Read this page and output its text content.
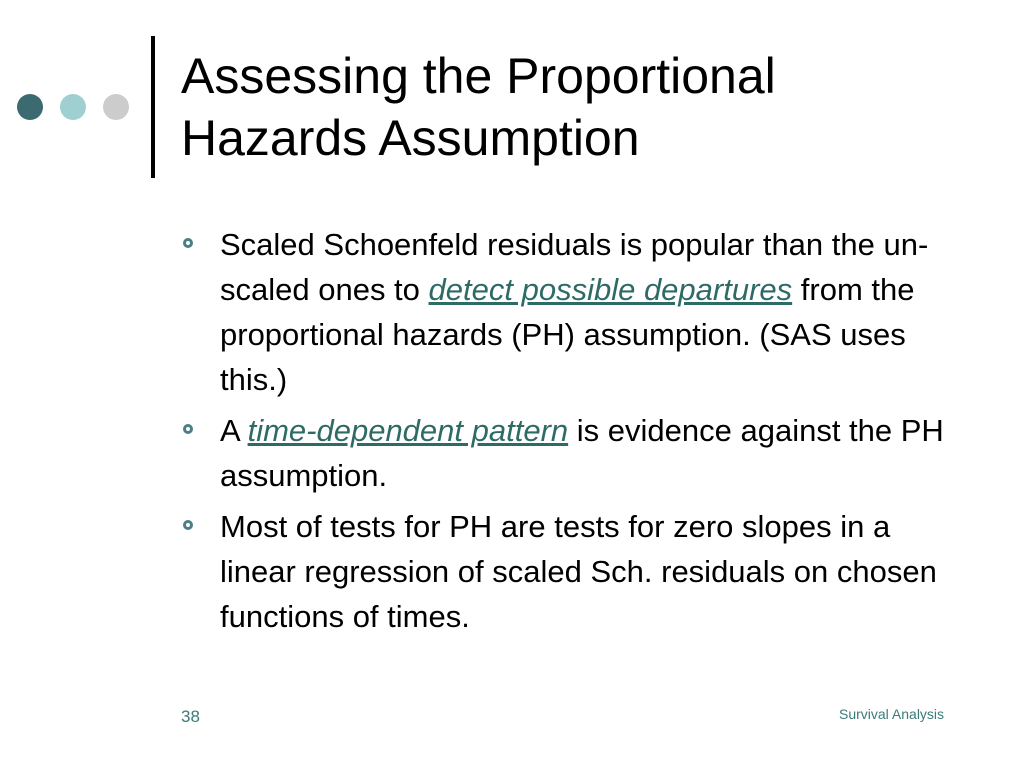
Assessing the Proportional
Hazards Assumption
Scaled Schoenfeld residuals is popular than the un-scaled ones to detect possible departures from the proportional hazards (PH) assumption. (SAS uses this.)
A time-dependent pattern is evidence against the PH assumption.
Most of tests for PH are tests for zero slopes in a linear regression of scaled Sch. residuals on chosen functions of times.
38	Survival Analysis
